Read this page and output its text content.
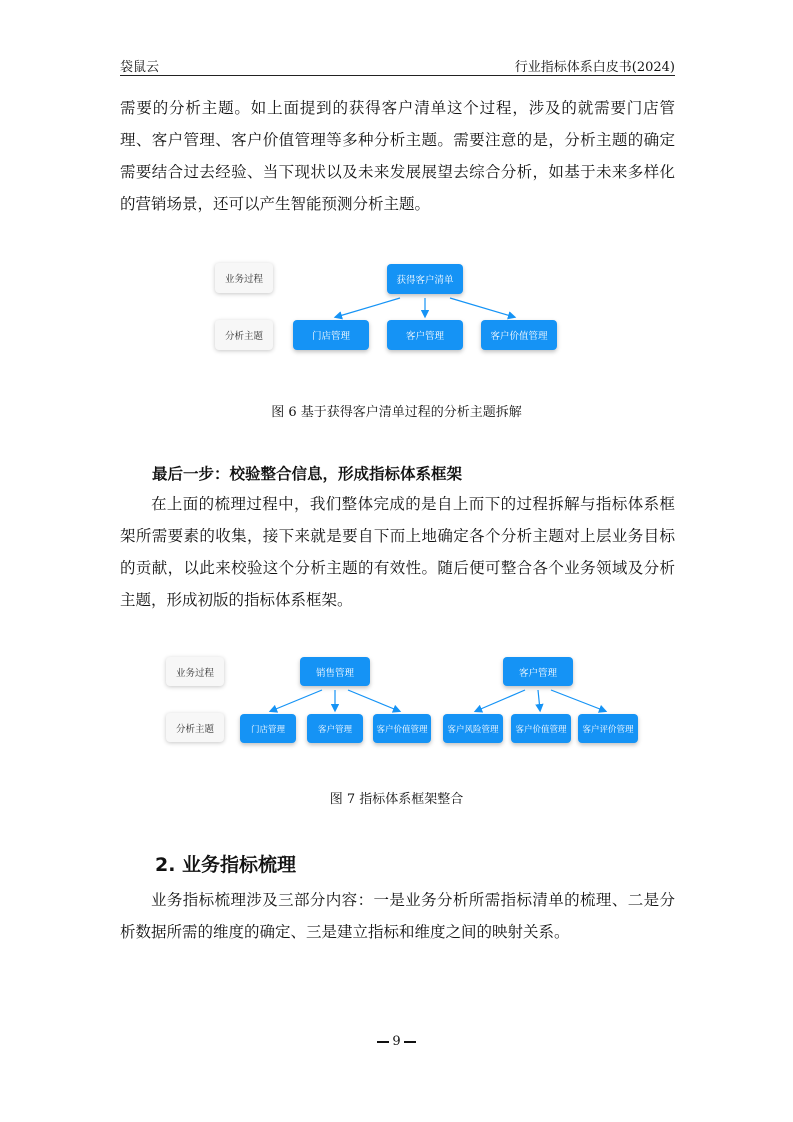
袋鼠云	行业指标体系白皮书(2024)

需要的分析主题。如上面提到的获得客户清单这个过程，涉及的就需要门店管理、客户管理、客户价值管理等多种分析主题。需要注意的是，分析主题的确定需要结合过去经验、当下现状以及未来发展展望去综合分析，如基于未来多样化的营销场景，还可以产生智能预测分析主题。

业务过程
分析主题
获得客户清单
门店管理	客户管理	客户价值管理
图 6 基于获得客户清单过程的分析主题拆解
最后一步：校验整合信息，形成指标体系框架

在上面的梳理过程中，我们整体完成的是自上而下的过程拆解与指标体系框架所需要素的收集，接下来就是要自下而上地确定各个分析主题对上层业务目标的贡献，以此来校验这个分析主题的有效性。随后便可整合各个业务领域及分析主题，形成初版的指标体系框架。

业务过程
分析主题
销售管理	客户管理
门店管理	客户管理	客户价值管理	客户风险管理	客户价值管理	客户评价管理
图 7 指标体系框架整合
2. 业务指标梳理

业务指标梳理涉及三部分内容：一是业务分析所需指标清单的梳理、二是分析数据所需的维度的确定、三是建立指标和维度之间的映射关系。

9
